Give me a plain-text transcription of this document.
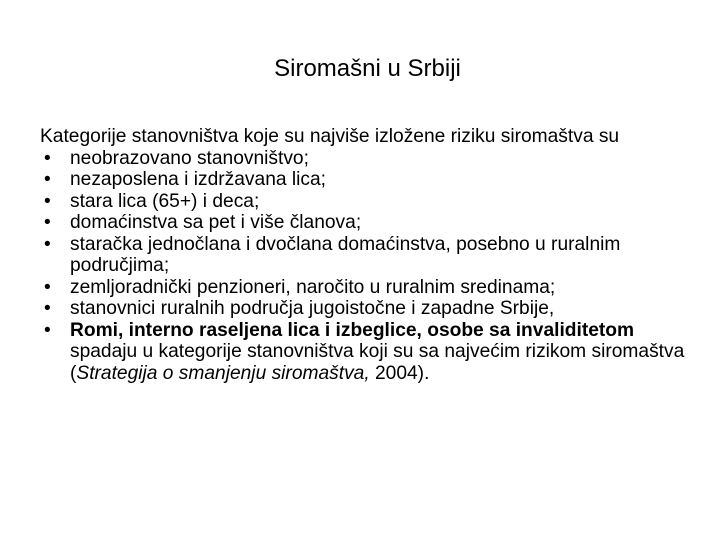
Siromašni u Srbiji

Kategorije stanovništva koje su najviše izložene riziku siromaštva su

• neobrazovano stanovništvo;
• nezaposlena i izdržavana lica;
• stara lica (65+) i deca;
• domaćinstva sa pet i više članova;
• staračka jednočlana i dvočlana domaćinstva, posebno u ruralnim područjima;
• zemljoradnički penzioneri, naročito u ruralnim sredinama;
• stanovnici ruralnih područja jugoistočne i zapadne Srbije,
• Romi, interno raseljena lica i izbeglice, osobe sa invaliditetom spadaju u kategorije stanovništva koji su sa najvećim rizikom siromaštva (Strategija o smanjenju siromaštva, 2004).
